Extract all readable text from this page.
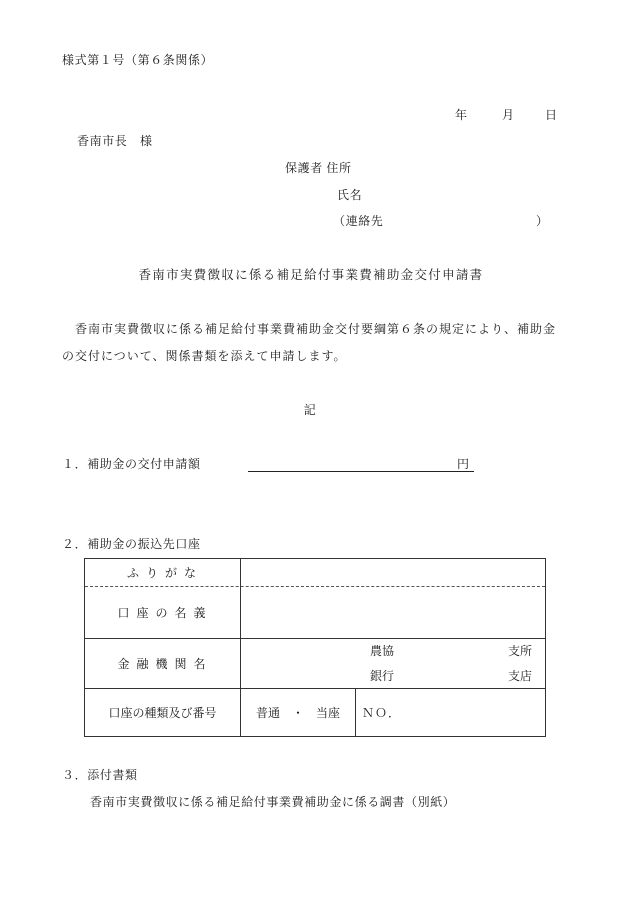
様式第１号（第６条関係）
年	月	日
香南市長　様
保護者 住所
氏名
（連絡先	）
香南市実費徴収に係る補足給付事業費補助金交付申請書
　香南市実費徴収に係る補足給付事業費補助金交付要綱第６条の規定により、補助金
の交付について、関係書類を添えて申請します。
記
１．補助金の交付申請額	円
２．補助金の振込先口座
ふ り が な
口 座 の 名 義
金 融 機 関 名
農協	支所
銀行	支店
口座の種類及び番号	普通　・　当座	ＮＯ．
３．添付書類
香南市実費徴収に係る補足給付事業費補助金に係る調書（別紙）
